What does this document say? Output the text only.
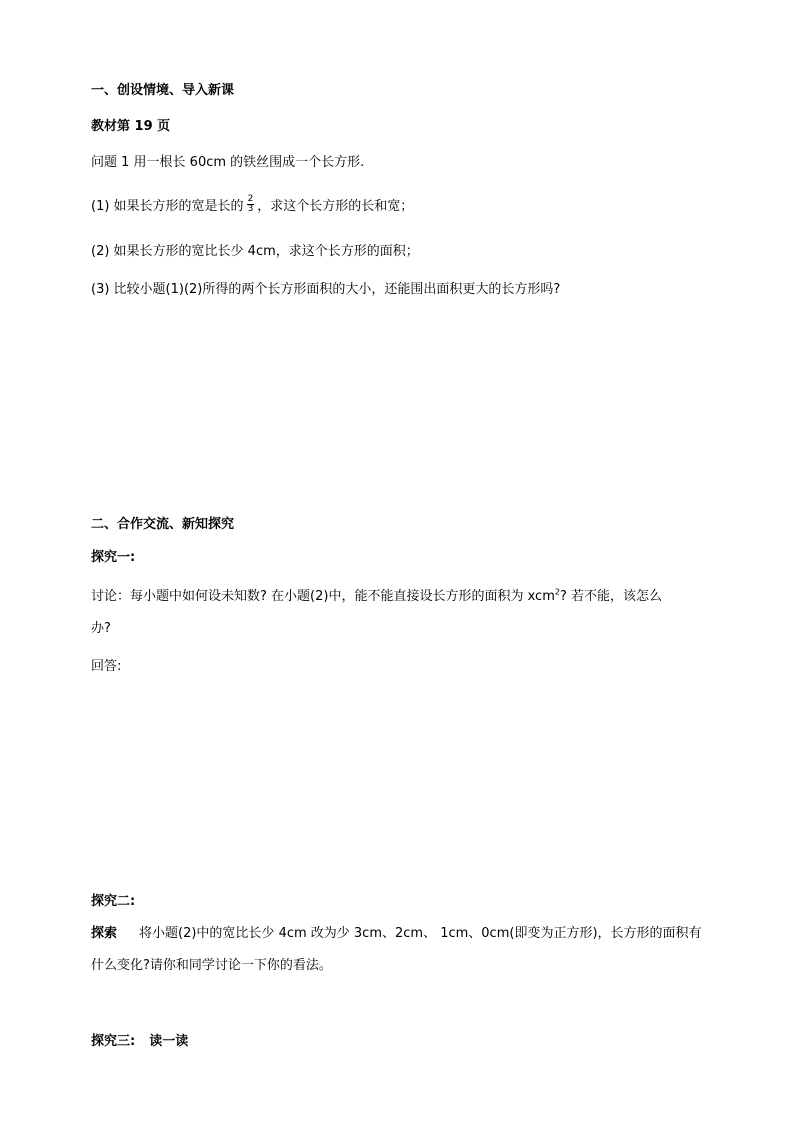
一、创设情境、导入新课
教材第 19 页
问题 1 用一根长 60cm 的铁丝围成一个长方形.
(1) 如果长方形的宽是长的 $\frac{2}{3}$ ，求这个长方形的长和宽；
(2) 如果长方形的宽比长少 4cm，求这个长方形的面积；
(3) 比较小题(1)(2)所得的两个长方形面积的大小，还能围出面积更大的长方形吗?
二、合作交流、新知探究
探究一:
讨论：每小题中如何设未知数? 在小题(2)中，能不能直接设长方形的面积为 xcm$^2$? 若不能，该怎么
办?
回答:
探究二:
探索 将小题(2)中的宽比长少 4cm 改为少 3cm、2cm、 1cm、0cm(即变为正方形)，长方形的面积有
什么变化?请你和同学讨论一下你的看法。
探究三: 读一读
